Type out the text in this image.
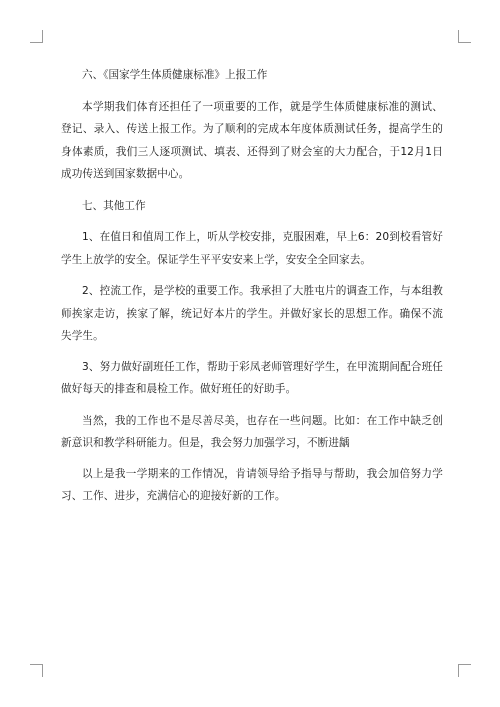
六、《国家学生体质健康标准》上报工作

本学期我们体育还担任了一项重要的工作，就是学生体质健康标准的测试、登记、录入、传送上报工作。为了顺利的完成本年度体质测试任务，提高学生的身体素质，我们三人逐项测试、填表、还得到了财会室的大力配合，于12月1日成功传送到国家数据中心。

七、其他工作

1、在值日和值周工作上，听从学校安排，克服困难，早上6：20到校看管好学生上放学的安全。保证学生平平安安来上学，安安全全回家去。

2、控流工作，是学校的重要工作。我承担了大胜屯片的调查工作，与本组教师挨家走访，挨家了解，统记好本片的学生。并做好家长的思想工作。确保不流失学生。

3、努力做好副班任工作，帮助于彩凤老师管理好学生，在甲流期间配合班任做好每天的排查和晨检工作。做好班任的好助手。

当然，我的工作也不是尽善尽美，也存在一些问题。比如：在工作中缺乏创新意识和教学科研能力。但是，我会努力加强学习，不断进龋

以上是我一学期来的工作情况，肯请领导给予指导与帮助，我会加倍努力学习、工作、进步，充满信心的迎接好新的工作。
